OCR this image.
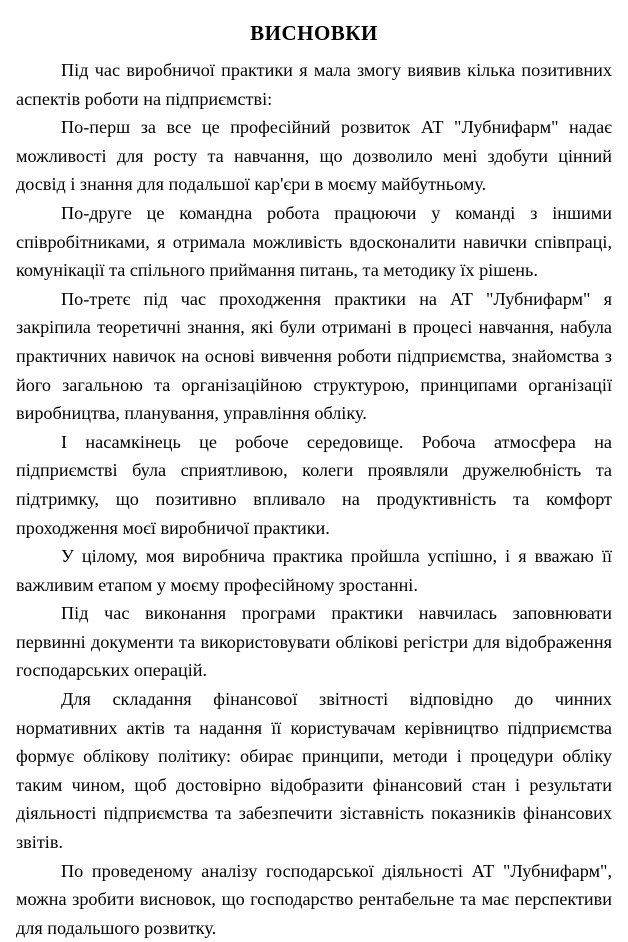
ВИСНОВКИ

Під час виробничої практики я мала змогу виявив кілька позитивних аспектів роботи на підприємстві:

По-перш за все це професійний розвиток АТ "Лубнифарм" надає можливості для росту та навчання, що дозволило мені здобути цінний досвід і знання для подальшої кар'єри в моєму майбутньому.

По-друге це командна робота працюючи у команді з іншими співробітниками, я отримала можливість вдосконалити навички співпраці, комунікації та спільного приймання питань, та методику їх рішень.

По-третє під час проходження практики на АТ "Лубнифарм" я закріпила теоретичні знання, які були отримані в процесі навчання, набула практичних навичок на основі вивчення роботи підприємства, знайомства з його загальною та організаційною структурою, принципами організації виробництва, планування, управління обліку.

І насамкінець це робоче середовище. Робоча атмосфера на підприємстві була сприятливою, колеги проявляли дружелюбність та підтримку, що позитивно впливало на продуктивність та комфорт проходження моєї виробничої практики.

У цілому, моя виробнича практика пройшла успішно, і я вважаю її важливим етапом у моєму професійному зростанні.

Під час виконання програми практики навчилась заповнювати первинні документи та використовувати облікові регістри для відображення господарських операцій.

Для складання фінансової звітності відповідно до чинних нормативних актів та надання її користувачам керівництво підприємства формує облікову політику: обирає принципи, методи і процедури обліку таким чином, щоб достовірно відобразити фінансовий стан і результати діяльності підприємства та забезпечити зіставність показників фінансових звітів.

По проведеному аналізу господарської діяльності АТ "Лубнифарм", можна зробити висновок, що господарство рентабельне та має перспективи для подальшого розвитку.
